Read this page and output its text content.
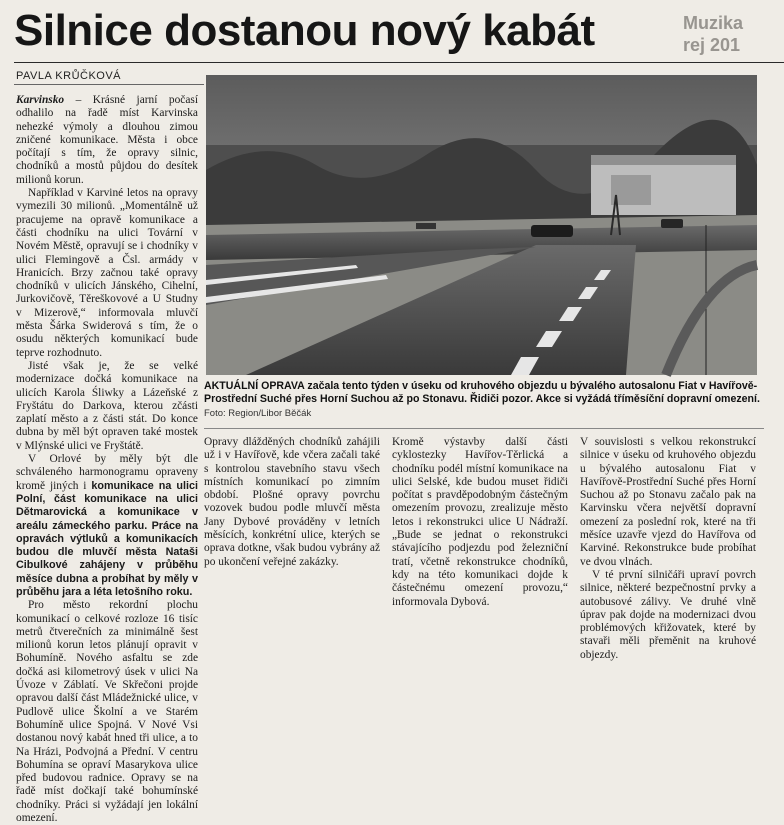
Silnice dostanou nový kabát	Muzika
rej 201

PAVLA KRŮČKOVÁ

Karvinsko – Krásné jarní počasí odhalilo na řadě míst Karvinska nehezké výmoly a dlouhou zimou zničené komunikace. Města i obce počítají s tím, že opravy silnic, chodníků a mostů půjdou do desítek milionů korun.

Například v Karviné letos na opravy vymezili 30 milionů. „Momentálně už pracujeme na opravě komunikace a části chodníku na ulici Tovární v Novém Městě, opravují se i chodníky v ulici Flemingově a Čsl. armády v Hranicích. Brzy začnou také opravy chodníků v ulicích Jánského, Cihelní, Jurkovičově, Těreškovové a U Studny v Mizerově,“ informovala mluvčí města Šárka Swiderová s tím, že o osudu některých komunikací bude teprve rozhodnuto.

Jisté však je, že se velké modernizace dočká komunikace na ulicích Karola Śliwky a Lázeňské z Fryštátu do Darkova, kterou zčásti zaplatí město a z části stát. Do konce dubna by měl být opraven také mostek v Mlýnské ulici ve Fryštátě.

V Orlové by měly být dle schváleného harmonogramu opraveny kromě jiných i komunikace na ulici Polní, část komunikace na ulici Dětmarovická a komunikace v areálu zámeckého parku. Práce na opravách výtluků a komunikacích budou dle mluvčí města Nataši Cibulkové zahájeny v průběhu měsíce dubna a probíhat by měly v průběhu jara a léta letošního roku.

Pro město rekordní plochu komunikací o celkové rozloze 16 tisíc metrů čtverečních za minimálně šest milionů korun letos plánují opravit v Bohumíně. Nového asfaltu se zde dočká asi kilometrový úsek v ulici Na Úvoze v Záblatí. Ve Skřečoni projde opravou další část Mládežnické ulice, v Pudlově ulice Školní a ve Starém Bohumíně ulice Spojná. V Nové Vsi dostanou nový kabát hned tři ulice, a to Na Hrázi, Podvojná a Přední. V centru Bohumína se opraví Masarykova ulice před budovou radnice. Opravy se na řadě míst dočkají také bohumínské chodníky. Práci si vyžádají jen lokální omezení.

AKTUÁLNÍ OPRAVA začala tento týden v úseku od kruhového objezdu u bývalého autosalonu Fiat v Havířově-Prostřední Suché přes Horní Suchou až po Stonavu. Řidiči pozor. Akce si vyžádá tříměsíční dopravní omezení.

Foto: Region/Libor Běčák

Opravy dlážděných chodníků zahájili už i v Havířově, kde včera začali také s kontrolou stavebního stavu všech místních komunikací po zimním období. Plošné opravy povrchu vozovek budou podle mluvčí města Jany Dybové prováděny v letních měsících, konkrétní ulice, kterých se oprava dotkne, však budou vybrány až po ukončení veřejné zakázky.

Kromě výstavby další části cyklostezky Havířov-Těrlická a chodníku podél místní komunikace na ulici Selské, kde budou muset řidiči počítat s pravděpodobným částečným omezením provozu, zrealizuje město letos i rekonstrukci ulice U Nádraží. „Bude se jednat o rekonstrukci stávajícího podjezdu pod železniční tratí, včetně rekonstrukce chodníků, kdy na této komunikaci dojde k částečnému omezení provozu,“ informovala Dybová.

V souvislosti s velkou rekonstrukcí silnice v úseku od kruhového objezdu u bývalého autosalonu Fiat v Havířově-Prostřední Suché přes Horní Suchou až po Stonavu začalo pak na Karvinsku včera největší dopravní omezení za poslední rok, které na tři měsíce uzavře vjezd do Havířova od Karviné. Rekonstrukce bude probíhat ve dvou vlnách.

V té první silničáři upraví povrch silnice, některé bezpečnostní prvky a autobusové zálivy. Ve druhé vlně úprav pak dojde na modernizaci dvou problémových křižovatek, které by stavaři měli přeměnit na kruhové objezdy.
